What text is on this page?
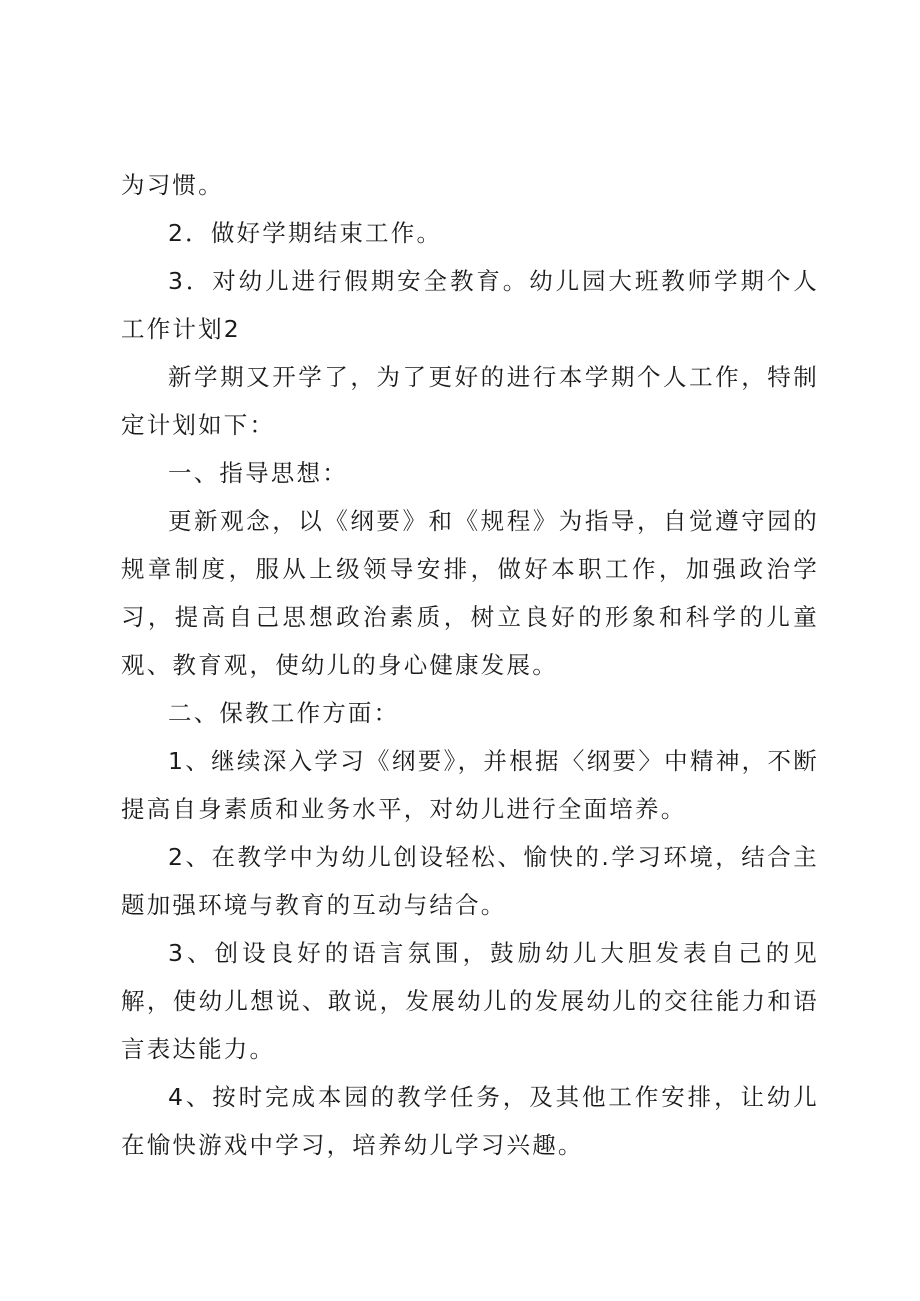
为习惯。

2．做好学期结束工作。

3．对幼儿进行假期安全教育。幼儿园大班教师学期个人工作计划2

新学期又开学了，为了更好的进行本学期个人工作，特制定计划如下：

一、指导思想：

更新观念，以《纲要》和《规程》为指导，自觉遵守园的规章制度，服从上级领导安排，做好本职工作，加强政治学习，提高自己思想政治素质，树立良好的形象和科学的儿童观、教育观，使幼儿的身心健康发展。

二、保教工作方面：

1、继续深入学习《纲要》，并根据〈纲要〉中精神，不断提高自身素质和业务水平，对幼儿进行全面培养。

2、在教学中为幼儿创设轻松、愉快的.学习环境，结合主题加强环境与教育的互动与结合。

3、创设良好的语言氛围，鼓励幼儿大胆发表自己的见解，使幼儿想说、敢说，发展幼儿的发展幼儿的交往能力和语言表达能力。

4、按时完成本园的教学任务，及其他工作安排，让幼儿在愉快游戏中学习，培养幼儿学习兴趣。
